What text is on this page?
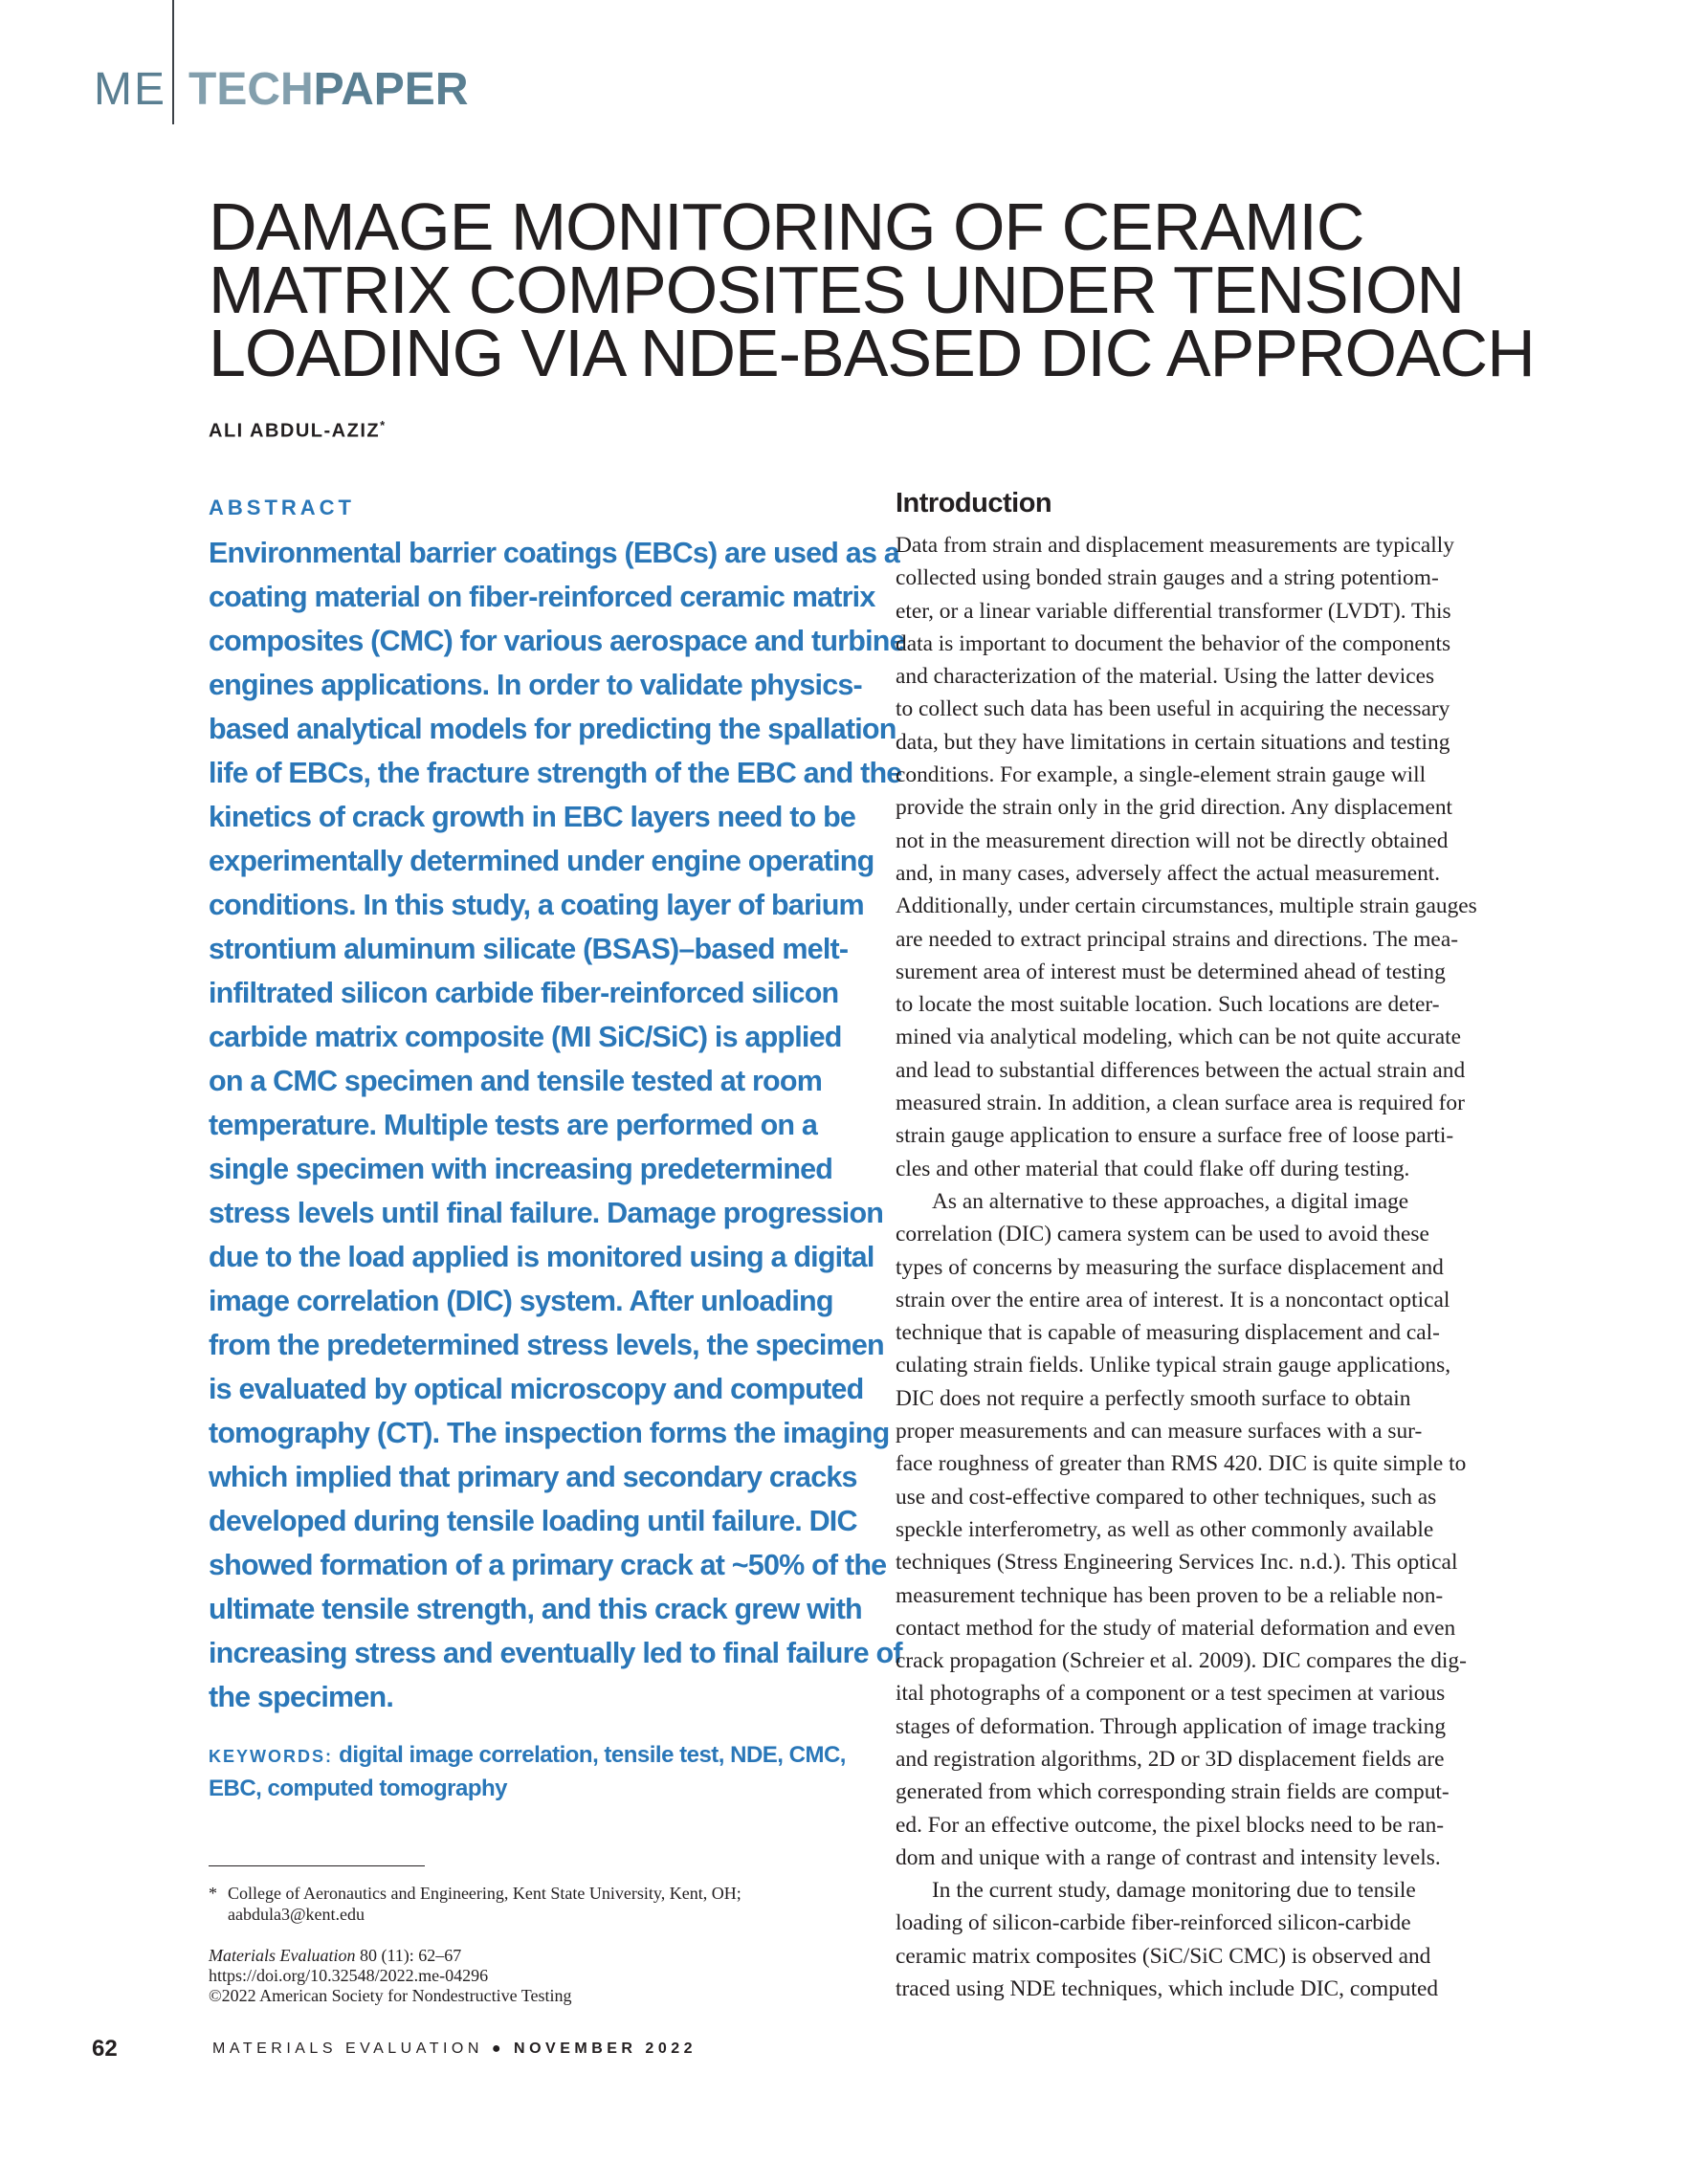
ME TECHPAPER
DAMAGE MONITORING OF CERAMIC
MATRIX COMPOSITES UNDER TENSION
LOADING VIA NDE-BASED DIC APPROACH
ALI ABDUL-AZIZ*
ABSTRACT
Environmental barrier coatings (EBCs) are used as a
coating material on fiber-reinforced ceramic matrix
composites (CMC) for various aerospace and turbine
engines applications. In order to validate physics-
based analytical models for predicting the spallation
life of EBCs, the fracture strength of the EBC and the
kinetics of crack growth in EBC layers need to be
experimentally determined under engine operating
conditions. In this study, a coating layer of barium
strontium aluminum silicate (BSAS)–based melt-
infiltrated silicon carbide fiber-reinforced silicon
carbide matrix composite (MI SiC/SiC) is applied
on a CMC specimen and tensile tested at room
temperature. Multiple tests are performed on a
single specimen with increasing predetermined
stress levels until final failure. Damage progression
due to the load applied is monitored using a digital
image correlation (DIC) system. After unloading
from the predetermined stress levels, the specimen
is evaluated by optical microscopy and computed
tomography (CT). The inspection forms the imaging
which implied that primary and secondary cracks
developed during tensile loading until failure. DIC
showed formation of a primary crack at ~50% of the
ultimate tensile strength, and this crack grew with
increasing stress and eventually led to final failure of
the specimen.
KEYWORDS: digital image correlation, tensile test, NDE, CMC,
EBC, computed tomography
* College of Aeronautics and Engineering, Kent State University, Kent, OH;
aabdula3@kent.edu
Materials Evaluation 80 (11): 62–67
https://doi.org/10.32548/2022.me-04296
©2022 American Society for Nondestructive Testing
Introduction
Data from strain and displacement measurements are typically
collected using bonded strain gauges and a string potentiom-
eter, or a linear variable differential transformer (LVDT). This
data is important to document the behavior of the components
and characterization of the material. Using the latter devices
to collect such data has been useful in acquiring the necessary
data, but they have limitations in certain situations and testing
conditions. For example, a single-element strain gauge will
provide the strain only in the grid direction. Any displacement
not in the measurement direction will not be directly obtained
and, in many cases, adversely affect the actual measurement.
Additionally, under certain circumstances, multiple strain gauges
are needed to extract principal strains and directions. The mea-
surement area of interest must be determined ahead of testing
to locate the most suitable location. Such locations are deter-
mined via analytical modeling, which can be not quite accurate
and lead to substantial differences between the actual strain and
measured strain. In addition, a clean surface area is required for
strain gauge application to ensure a surface free of loose parti-
cles and other material that could flake off during testing.
As an alternative to these approaches, a digital image
correlation (DIC) camera system can be used to avoid these
types of concerns by measuring the surface displacement and
strain over the entire area of interest. It is a noncontact optical
technique that is capable of measuring displacement and cal-
culating strain fields. Unlike typical strain gauge applications,
DIC does not require a perfectly smooth surface to obtain
proper measurements and can measure surfaces with a sur-
face roughness of greater than RMS 420. DIC is quite simple to
use and cost-effective compared to other techniques, such as
speckle interferometry, as well as other commonly available
techniques (Stress Engineering Services Inc. n.d.). This optical
measurement technique has been proven to be a reliable non-
contact method for the study of material deformation and even
crack propagation (Schreier et al. 2009). DIC compares the dig-
ital photographs of a component or a test specimen at various
stages of deformation. Through application of image tracking
and registration algorithms, 2D or 3D displacement fields are
generated from which corresponding strain fields are comput-
ed. For an effective outcome, the pixel blocks need to be ran-
dom and unique with a range of contrast and intensity levels.
In the current study, damage monitoring due to tensile
loading of silicon-carbide fiber-reinforced silicon-carbide
ceramic matrix composites (SiC/SiC CMC) is observed and
traced using NDE techniques, which include DIC, computed
62	MATERIALS EVALUATION ● NOVEMBER 2022
